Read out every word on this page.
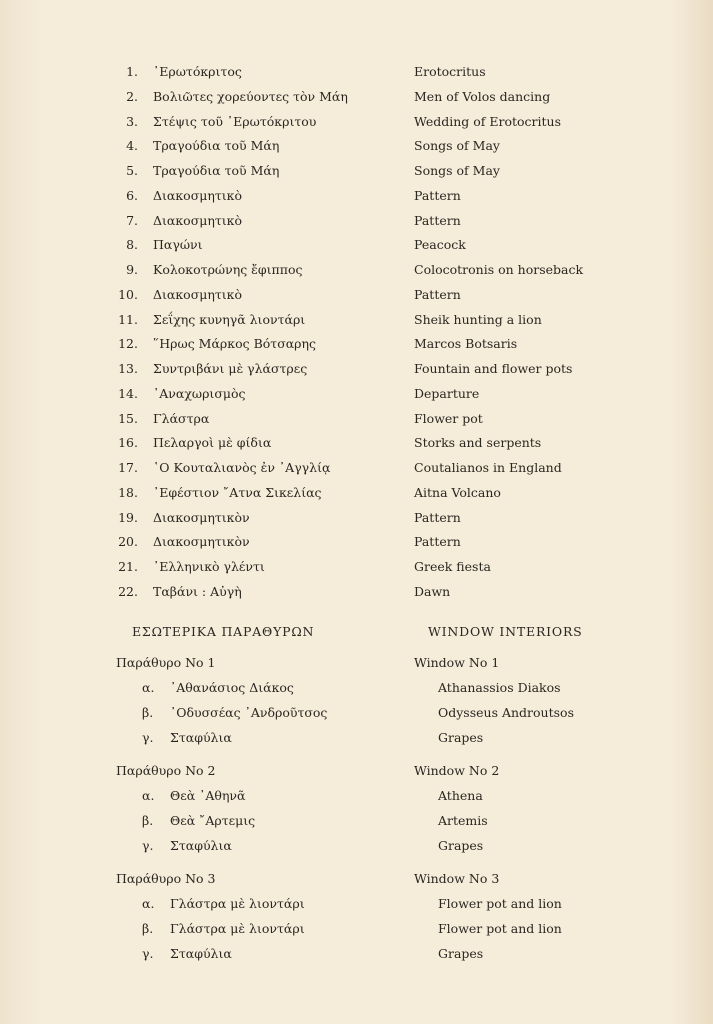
ΕΣΩΤΕΡΙΚΑ ΠΑΡΑΘΥΡΩΝ	WINDOW INTERIORS
1. ᾿Ερωτόκριτος	Erotocritus
2. Βολιῶτες χορεύοντες τὸν Μάη	Men of Volos dancing
3. Στέψις τοῦ ᾿Ερωτόκριτου	Wedding of Erotocritus
4. Τραγούδια τοῦ Μάη	Songs of May
5. Τραγούδια τοῦ Μάη	Songs of May
6. Διακοσμητικὸ	Pattern
7. Διακοσμητικὸ	Pattern
8. Παγώνι	Peacock
9. Κολοκοτρώνης ἔφιππος	Colocotronis on horseback
10. Διακοσμητικὸ	Pattern
11. Σεΐχης κυνηγᾶ λιοντάρι	Sheik hunting a lion
12. ῞Ηρως Μάρκος Βότσαρης	Marcos Botsaris
13. Συντριβάνι μὲ γλάστρες	Fountain and flower pots
14. ᾿Αναχωρισμὸς	Departure
15. Γλάστρα	Flower pot
16. Πελαργοὶ μὲ φίδια	Storks and serpents
17. ῾Ο Κουταλιανὸς ἐν ᾿Αγγλίᾳ	Coutalianos in England
18. ᾿Εφέστιον ῎Ατνα Σικελίας	Aitna Volcano
19. Διακοσμητικὸν	Pattern
20. Διακοσμητικὸν	Pattern
21. ᾿Ελληνικὸ γλέντι	Greek fiesta
22. Ταβάνι : Αὐγὴ	Dawn
Παράθυρο No 1	Window No 1
α. ᾿Αθανάσιος Διάκος	Athanassios Diakos
β. ᾿Οδυσσέας ᾿Ανδροῦτσος	Odysseus Androutsos
γ. Σταφύλια	Grapes
Παράθυρο No 2	Window No 2
α. Θεὰ ᾿Αθηνᾶ	Athena
β. Θεὰ ῎Αρτεμις	Artemis
γ. Σταφύλια	Grapes
Παράθυρο No 3	Window No 3
α. Γλάστρα μὲ λιοντάρι	Flower pot and lion
β. Γλάστρα μὲ λιοντάρι	Flower pot and lion
γ. Σταφύλια	Grapes
